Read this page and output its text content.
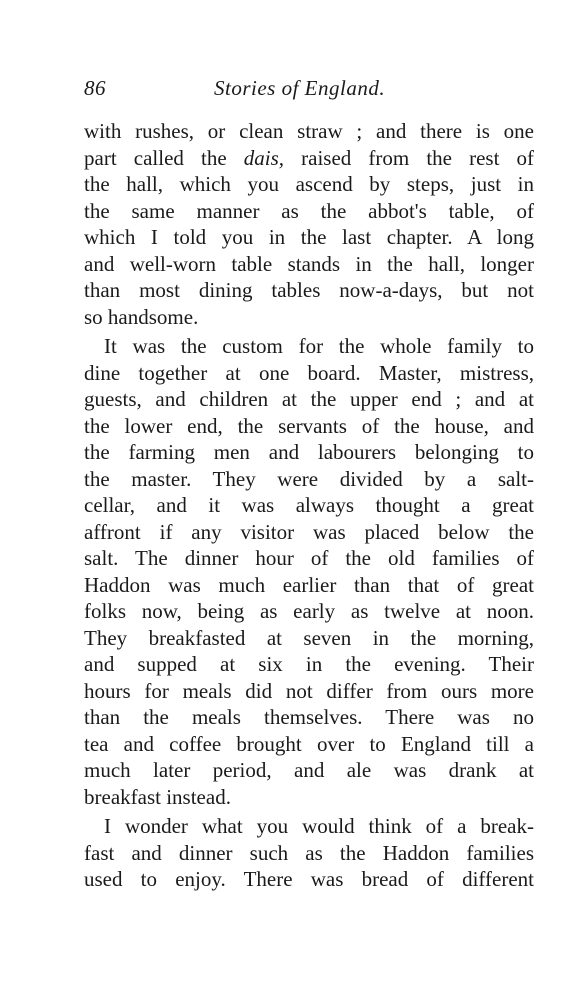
86	Stories of England.
with rushes, or clean straw ; and there is one
part called the dais, raised from the rest of
the hall, which you ascend by steps, just in
the same manner as the abbot's table, of
which I told you in the last chapter. A long
and well-worn table stands in the hall, longer
than most dining tables now-a-days, but not
so handsome.
It was the custom for the whole family to
dine together at one board. Master, mistress,
guests, and children at the upper end ; and at
the lower end, the servants of the house, and
the farming men and labourers belonging to
the master. They were divided by a salt-
cellar, and it was always thought a great
affront if any visitor was placed below the
salt. The dinner hour of the old families of
Haddon was much earlier than that of great
folks now, being as early as twelve at noon.
They breakfasted at seven in the morning,
and supped at six in the evening. Their
hours for meals did not differ from ours more
than the meals themselves. There was no
tea and coffee brought over to England till a
much later period, and ale was drank at
breakfast instead.
I wonder what you would think of a break-
fast and dinner such as the Haddon families
used to enjoy. There was bread of different
